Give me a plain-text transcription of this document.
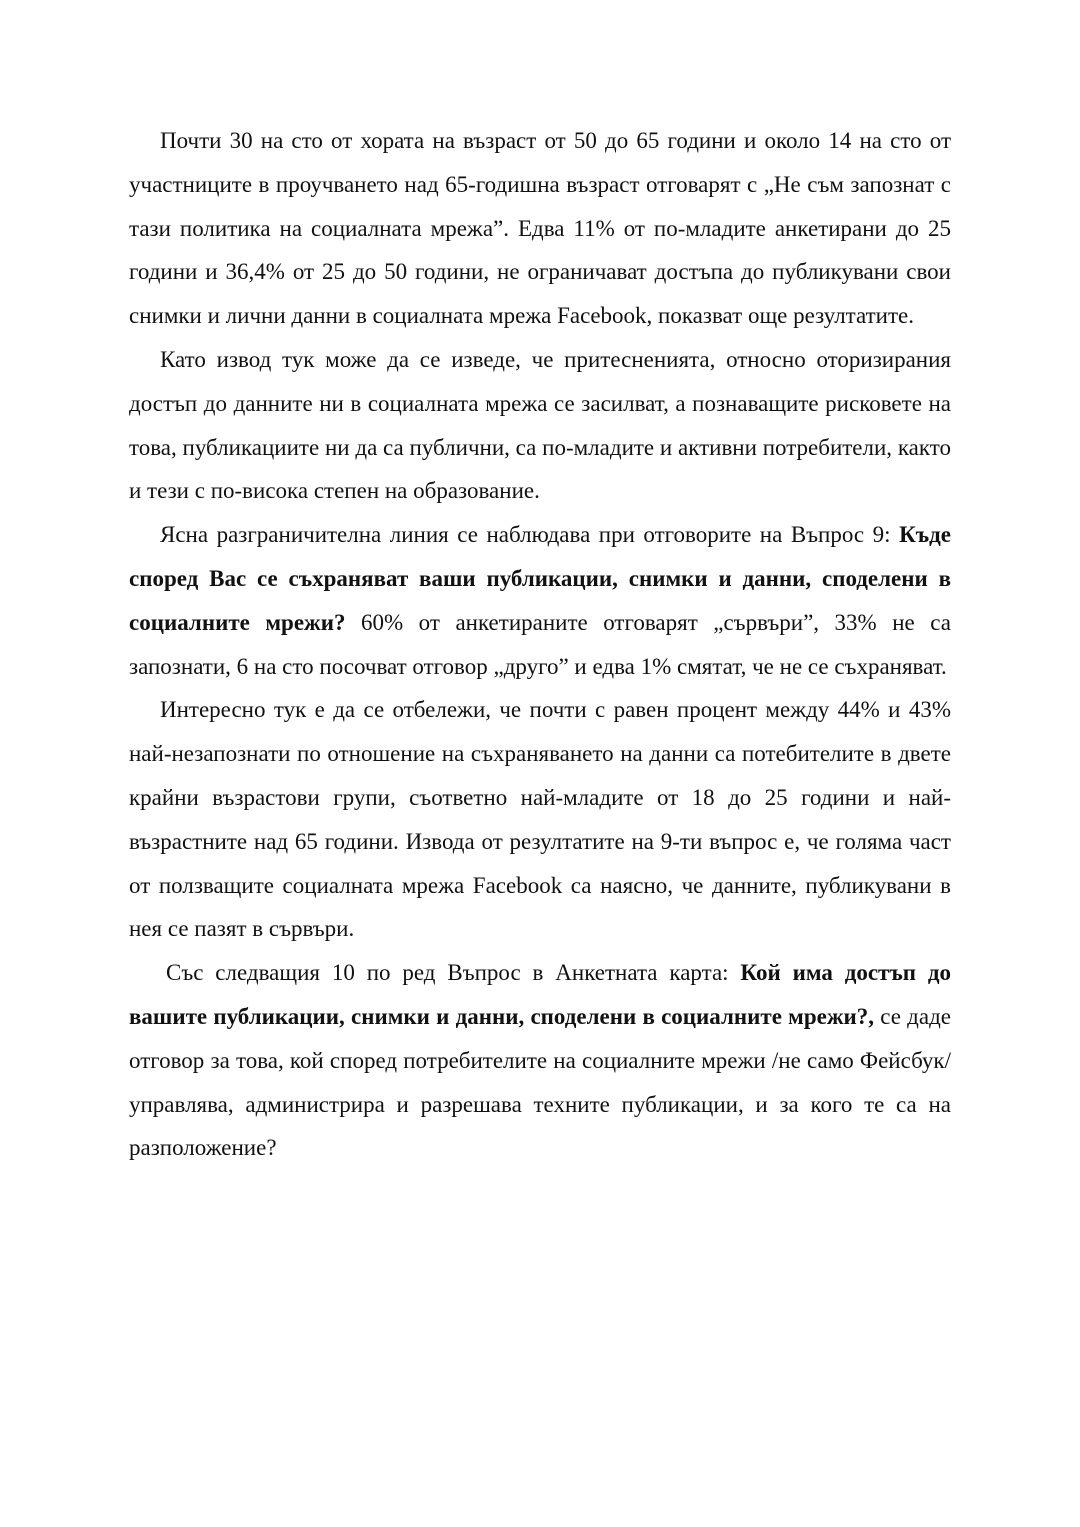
Почти 30 на сто от хората на възраст от 50 до 65 години и около 14 на сто от участниците в проучването над 65-годишна възраст отговарят с „Не съм запознат с тази политика на социалната мрежа”. Едва 11% от по-младите анкетирани до 25 години и 36,4% от 25 до 50 години, не ограничават достъпа до публикувани свои снимки и лични данни в социалната мрежа Facebook, показват още резултатите.

Като извод тук може да се изведе, че притесненията, относно оторизирания достъп до данните ни в социалната мрежа се засилват, а познаващите рисковете на това, публикациите ни да са публични, са по-младите и активни потребители, както и тези с по-висока степен на образование.

Ясна разграничителна линия се наблюдава при отговорите на Въпрос 9: Къде според Вас се съхраняват ваши публикации, снимки и данни, споделени в социалните мрежи? 60% от анкетираните отговарят „сървъри”, 33% не са запознати, 6 на сто посочват отговор „друго” и едва 1% смятат, че не се съхраняват.

Интересно тук е да се отбележи, че почти с равен процент между 44% и 43% най-незапознати по отношение на съхраняването на данни са потебителите в двете крайни възрастови групи, съответно най-младите от 18 до 25 години и най-възрастните над 65 години. Извода от резултатите на 9-ти въпрос е, че голяма част от ползващите социалната мрежа Facebook са наясно, че данните, публикувани в нея се пазят в сървъри.

Със следващия 10 по ред Въпрос в Анкетната карта: Кой има достъп до вашите публикации, снимки и данни, споделени в социалните мрежи?, се даде отговор за това, кой според потребителите на социалните мрежи /не само Фейсбук/ управлява, администрира и разрешава техните публикации, и за кого те са на разположение?
